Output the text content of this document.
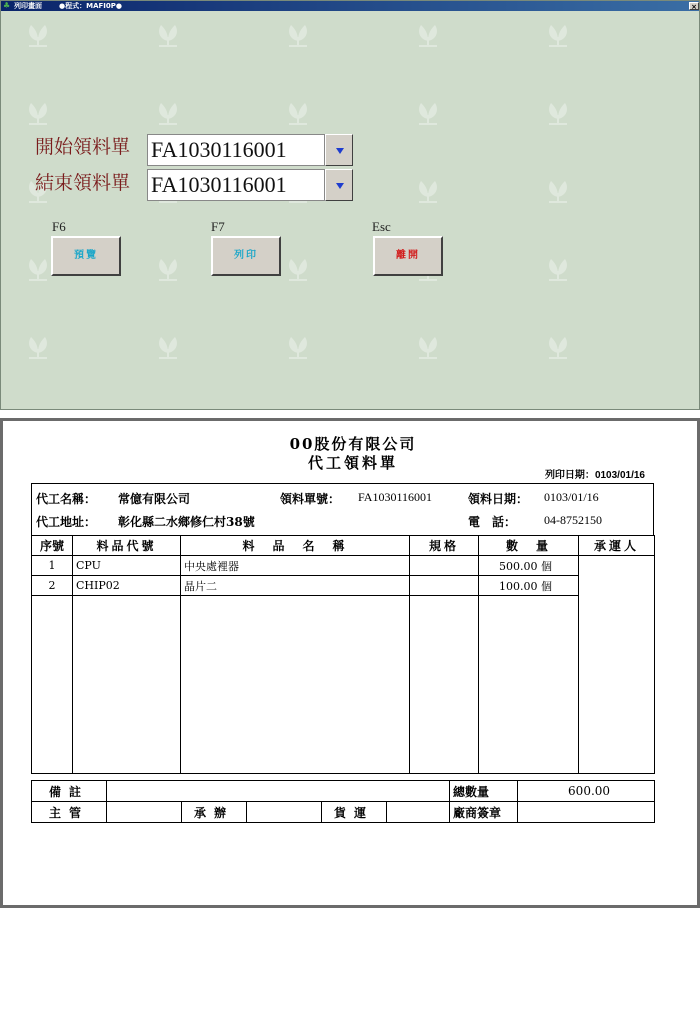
♣ 列印畫面 ●程式：MAFI0P●	×
開始領料單
結束領料單
FA1030116001
FA1030116001
F6	F7	Esc
預覽	列印	離開
00股份有限公司
代工領料單
列印日期：0103/01/16
代工名稱： 常億有限公司	領料單號： FA1030116001	領料日期： 0103/01/16
代工地址： 彰化縣二水鄉修仁村38號	電　話： 04-8752150
序號	料品代號	料　品　名　稱	規格	數　量	承運人
1	CPU	中央處裡器		500.00 個	
2	CHIP02	晶片二		100.00 個	

備註						總數量	600.00
主管		承辦		貨運		廠商簽章	
